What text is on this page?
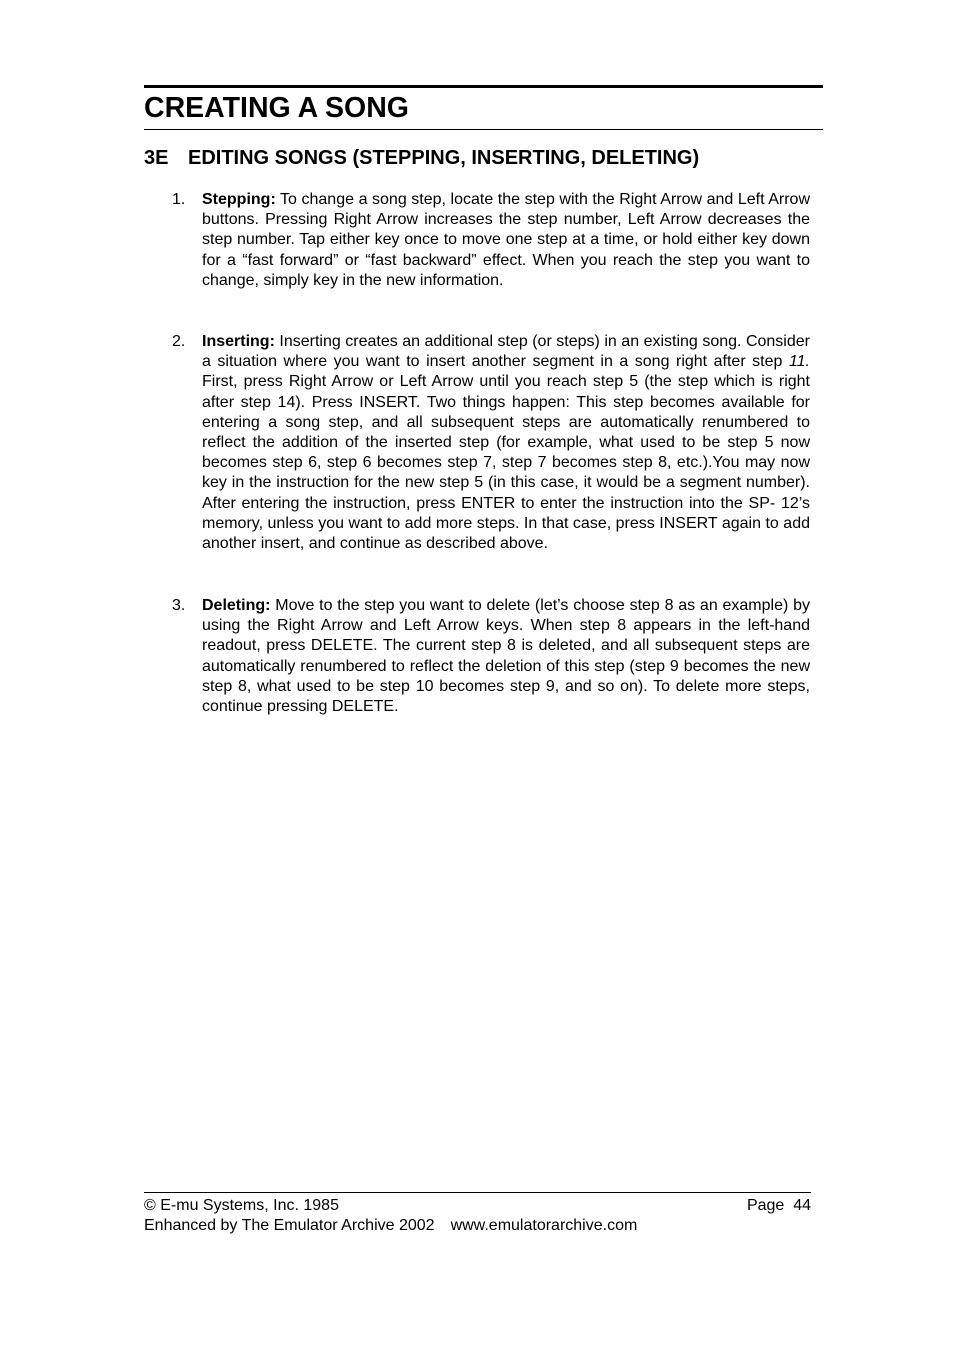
CREATING A SONG
3E EDITING SONGS (STEPPING, INSERTING, DELETING)
1.	Stepping: To change a song step, locate the step with the Right Arrow and Left Arrow buttons. Pressing Right Arrow increases the step number, Left Arrow decreases the step number. Tap either key once to move one step at a time, or hold either key down for a “fast forward” or “fast backward” effect. When you reach the step you want to change, simply key in the new information.
2.	Inserting: Inserting creates an additional step (or steps) in an existing song. Consider a situation where you want to insert another segment in a song right after step 11. First, press Right Arrow or Left Arrow until you reach step 5 (the step which is right after step 14). Press INSERT. Two things happen: This step becomes available for entering a song step, and all subsequent steps are automatically renumbered to reflect the addition of the inserted step (for example, what used to be step 5 now becomes step 6, step 6 becomes step 7, step 7 becomes step 8, etc.).You may now key in the instruction for the new step 5 (in this case, it would be a segment number). After entering the instruction, press ENTER to enter the instruction into the SP- 12’s memory, unless you want to add more steps. In that case, press INSERT again to add another insert, and continue as described above.
3.	Deleting: Move to the step you want to delete (let’s choose step 8 as an example) by using the Right Arrow and Left Arrow keys. When step 8 appears in the left-hand readout, press DELETE. The current step 8 is deleted, and all subsequent steps are automatically renumbered to reflect the deletion of this step (step 9 becomes the new step 8, what used to be step 10 becomes step 9, and so on). To delete more steps, continue pressing DELETE.
© E-mu Systems, Inc. 1985	Page  44
Enhanced by The Emulator Archive 2002 www.emulatorarchive.com
